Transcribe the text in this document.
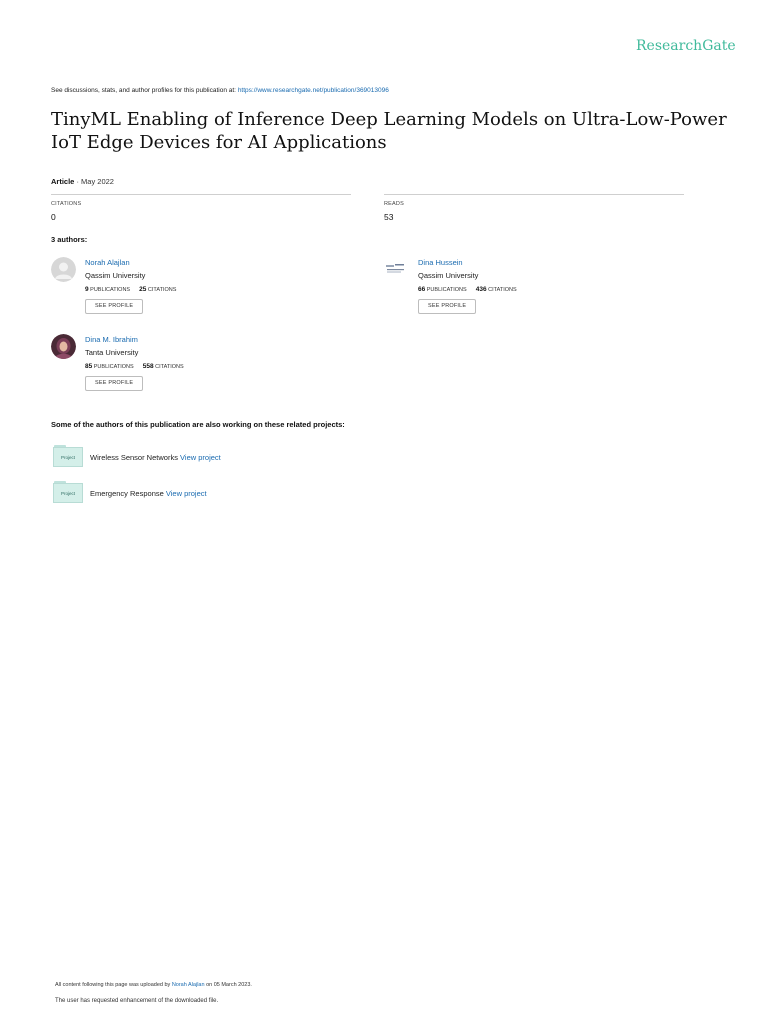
ResearchGate
See discussions, stats, and author profiles for this publication at: https://www.researchgate.net/publication/369013096
TinyML Enabling of Inference Deep Learning Models on Ultra-Low-Power IoT Edge Devices for AI Applications
Article · May 2022
CITATIONS
0
READS
53
3 authors:
Norah Alajlan
Qassim University
9 PUBLICATIONS 25 CITATIONS
SEE PROFILE
Dina Hussein
Qassim University
66 PUBLICATIONS 436 CITATIONS
SEE PROFILE
Dina M. Ibrahim
Tanta University
85 PUBLICATIONS 558 CITATIONS
SEE PROFILE
Some of the authors of this publication are also working on these related projects:
Project	Wireless Sensor Networks View project
Project	Emergency Response View project
All content following this page was uploaded by Norah Alajlan on 05 March 2023.
The user has requested enhancement of the downloaded file.
